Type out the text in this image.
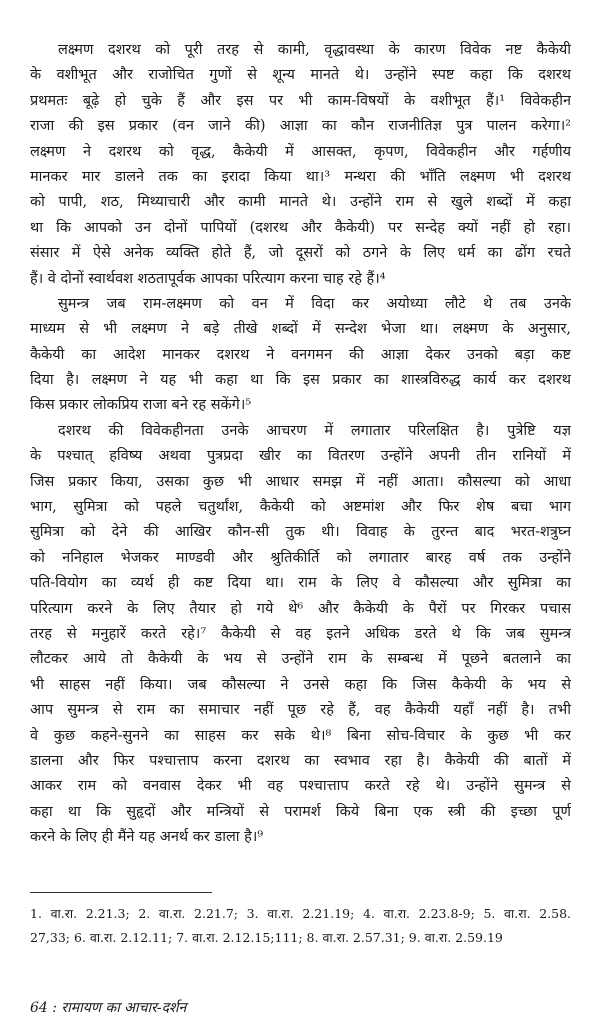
लक्ष्मण दशरथ को पूरी तरह से कामी, वृद्धावस्था के कारण विवेक नष्ट कैकेयी
के वशीभूत और राजोचित गुणों से शून्य मानते थे। उन्होंने स्पष्ट कहा कि दशरथ
प्रथमतः बूढ़े हो चुके हैं और इस पर भी काम-विषयों के वशीभूत हैं।¹ विवेकहीन
राजा की इस प्रकार (वन जाने की) आज्ञा का कौन राजनीतिज्ञ पुत्र पालन करेगा।²
लक्ष्मण ने दशरथ को वृद्ध, कैकेयी में आसक्त, कृपण, विवेकहीन और गर्हणीय
मानकर मार डालने तक का इरादा किया था।³ मन्थरा की भाँति लक्ष्मण भी दशरथ
को पापी, शठ, मिथ्याचारी और कामी मानते थे। उन्होंने राम से खुले शब्दों में कहा
था कि आपको उन दोनों पापियों (दशरथ और कैकेयी) पर सन्देह क्यों नहीं हो रहा।
संसार में ऐसे अनेक व्यक्ति होते हैं, जो दूसरों को ठगने के लिए धर्म का ढोंग रचते
हैं। वे दोनों स्वार्थवश शठतापूर्वक आपका परित्याग करना चाह रहे हैं।⁴
सुमन्त्र जब राम-लक्ष्मण को वन में विदा कर अयोध्या लौटे थे तब उनके
माध्यम से भी लक्ष्मण ने बड़े तीखे शब्दों में सन्देश भेजा था। लक्ष्मण के अनुसार,
कैकेयी का आदेश मानकर दशरथ ने वनगमन की आज्ञा देकर उनको बड़ा कष्ट
दिया है। लक्ष्मण ने यह भी कहा था कि इस प्रकार का शास्त्रविरुद्ध कार्य कर दशरथ
किस प्रकार लोकप्रिय राजा बने रह सकेंगे।⁵
दशरथ की विवेकहीनता उनके आचरण में लगातार परिलक्षित है। पुत्रेष्टि यज्ञ
के पश्चात् हविष्य अथवा पुत्रप्रदा खीर का वितरण उन्होंने अपनी तीन रानियों में
जिस प्रकार किया, उसका कुछ भी आधार समझ में नहीं आता। कौसल्या को आधा
भाग, सुमित्रा को पहले चतुर्थांश, कैकेयी को अष्टमांश और फिर शेष बचा भाग
सुमित्रा को देने की आखिर कौन-सी तुक थी। विवाह के तुरन्त बाद भरत-शत्रुघ्न
को ननिहाल भेजकर माण्डवी और श्रुतिकीर्ति को लगातार बारह वर्ष तक उन्होंने
पति-वियोग का व्यर्थ ही कष्ट दिया था। राम के लिए वे कौसल्या और सुमित्रा का
परित्याग करने के लिए तैयार हो गये थे⁶ और कैकेयी के पैरों पर गिरकर पचास
तरह से मनुहारें करते रहे।⁷ कैकेयी से वह इतने अधिक डरते थे कि जब सुमन्त्र
लौटकर आये तो कैकेयी के भय से उन्होंने राम के सम्बन्ध में पूछने बतलाने का
भी साहस नहीं किया। जब कौसल्या ने उनसे कहा कि जिस कैकेयी के भय से
आप सुमन्त्र से राम का समाचार नहीं पूछ रहे हैं, वह कैकेयी यहाँ नहीं है। तभी
वे कुछ कहने-सुनने का साहस कर सके थे।⁸ बिना सोच-विचार के कुछ भी कर
डालना और फिर पश्चात्ताप करना दशरथ का स्वभाव रहा है। कैकेयी की बातों में
आकर राम को वनवास देकर भी वह पश्चात्ताप करते रहे थे। उन्होंने सुमन्त्र से
कहा था कि सुहृदों और मन्त्रियों से परामर्श किये बिना एक स्त्री की इच्छा पूर्ण
करने के लिए ही मैंने यह अनर्थ कर डाला है।⁹
1. वा.रा. 2.21.3; 2. वा.रा. 2.21.7; 3. वा.रा. 2.21.19; 4. वा.रा. 2.23.8-9; 5. वा.रा. 2.58.
27,33; 6. वा.रा. 2.12.11; 7. वा.रा. 2.12.15;111; 8. वा.रा. 2.57.31; 9. वा.रा. 2.59.19
64 : रामायण का आचार-दर्शन
